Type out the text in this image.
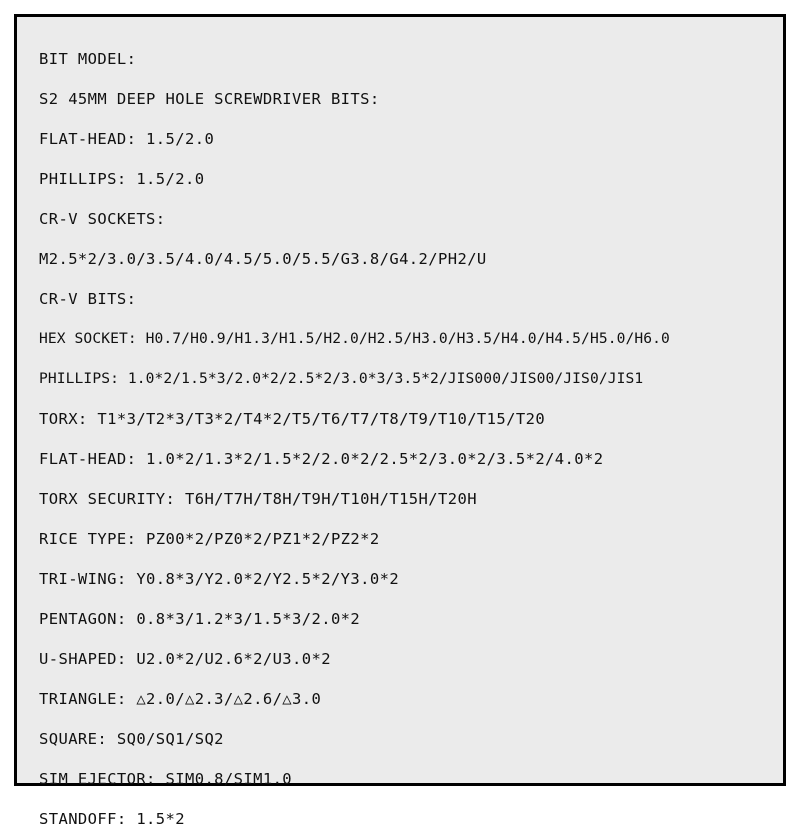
BIT MODEL:
S2 45MM DEEP HOLE SCREWDRIVER BITS:
FLAT-HEAD: 1.5/2.0
PHILLIPS: 1.5/2.0
CR-V SOCKETS:
M2.5*2/3.0/3.5/4.0/4.5/5.0/5.5/G3.8/G4.2/PH2/U
CR-V BITS:
HEX SOCKET: H0.7/H0.9/H1.3/H1.5/H2.0/H2.5/H3.0/H3.5/H4.0/H4.5/H5.0/H6.0
PHILLIPS: 1.0*2/1.5*3/2.0*2/2.5*2/3.0*3/3.5*2/JIS000/JIS00/JIS0/JIS1
TORX: T1*3/T2*3/T3*2/T4*2/T5/T6/T7/T8/T9/T10/T15/T20
FLAT-HEAD: 1.0*2/1.3*2/1.5*2/2.0*2/2.5*2/3.0*2/3.5*2/4.0*2
TORX SECURITY: T6H/T7H/T8H/T9H/T10H/T15H/T20H
RICE TYPE: PZ00*2/PZ0*2/PZ1*2/PZ2*2
TRI-WING: Y0.8*3/Y2.0*2/Y2.5*2/Y3.0*2
PENTAGON: 0.8*3/1.2*3/1.5*3/2.0*2
U-SHAPED: U2.0*2/U2.6*2/U3.0*2
TRIANGLE: △2.0/△2.3/△2.6/△3.0
SQUARE: SQ0/SQ1/SQ2
SIM EJECTOR: SIM0.8/SIM1.0
STANDOFF: 1.5*2
